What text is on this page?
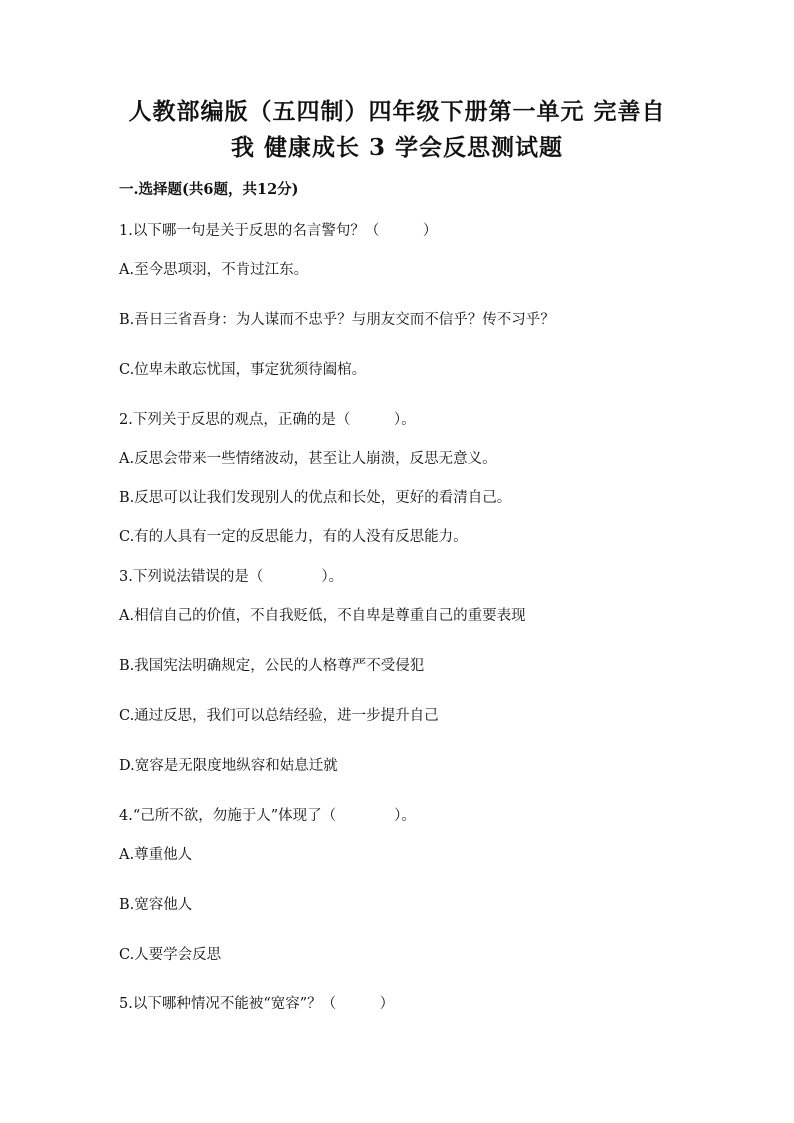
人教部编版（五四制）四年级下册第一单元 完善自
我 健康成长 3 学会反思测试题
一.选择题(共6题，共12分)
1.以下哪一句是关于反思的名言警句？（　　　）
A.至今思项羽，不肯过江东。
B.吾日三省吾身：为人谋而不忠乎？与朋友交而不信乎？传不习乎？
C.位卑未敢忘忧国，事定犹须待阖棺。
2.下列关于反思的观点，正确的是（　　　）。
A.反思会带来一些情绪波动，甚至让人崩溃，反思无意义。
B.反思可以让我们发现别人的优点和长处，更好的看清自己。
C.有的人具有一定的反思能力，有的人没有反思能力。
3.下列说法错误的是（　　　　）。
A.相信自己的价值，不自我贬低，不自卑是尊重自己的重要表现
B.我国宪法明确规定，公民的人格尊严不受侵犯
C.通过反思，我们可以总结经验，进一步提升自己
D.宽容是无限度地纵容和姑息迁就
4.“己所不欲，勿施于人”体现了（　　　　）。
A.尊重他人
B.宽容他人
C.人要学会反思
5.以下哪种情况不能被“宽容”？（　　　）
